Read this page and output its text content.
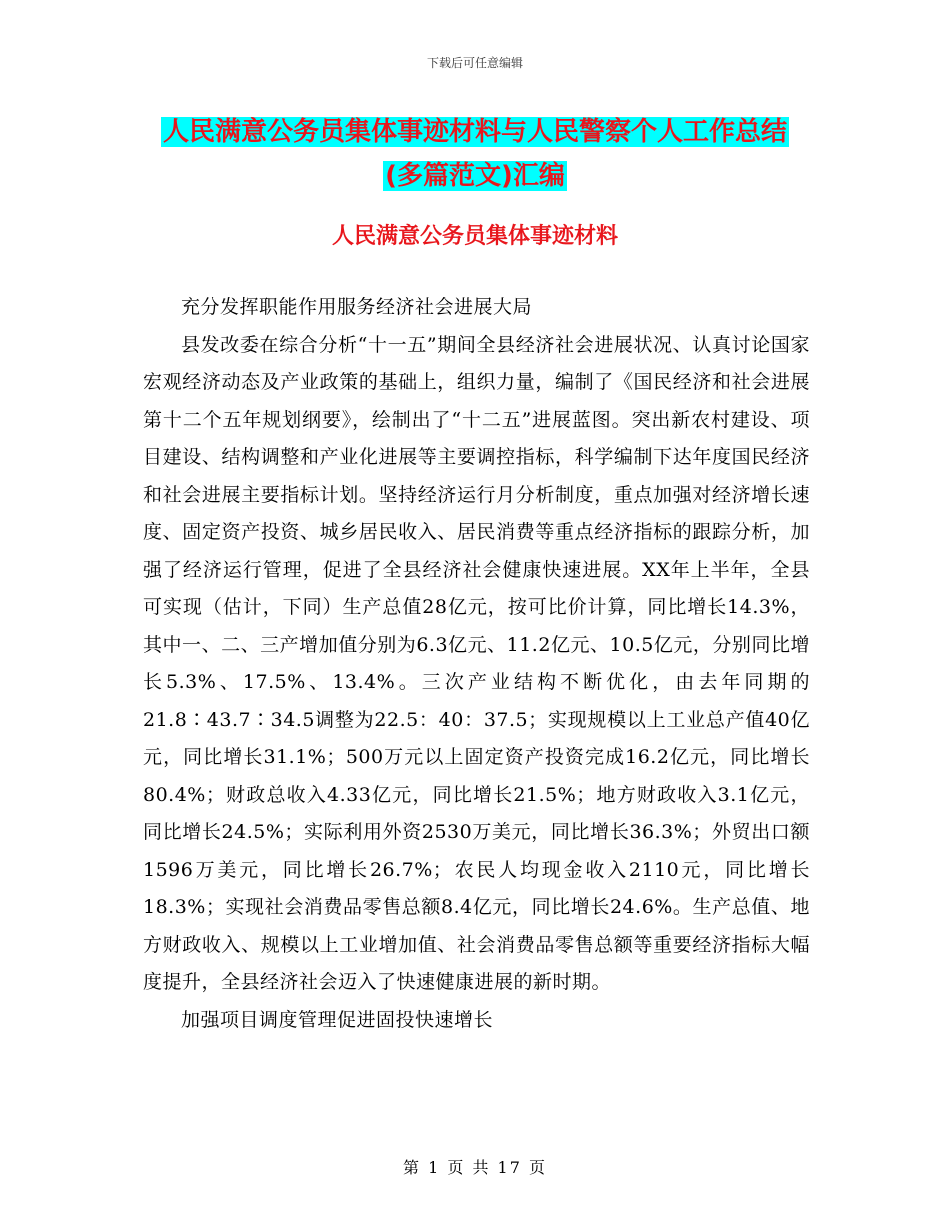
下载后可任意编辑
人民满意公务员集体事迹材料与人民警察个人工作总结(多篇范文)汇编
人民满意公务员集体事迹材料

充分发挥职能作用服务经济社会进展大局

县发改委在综合分析“十一五”期间全县经济社会进展状况、认真讨论国家宏观经济动态及产业政策的基础上，组织力量，编制了《国民经济和社会进展第十二个五年规划纲要》，绘制出了“十二五”进展蓝图。突出新农村建设、项目建设、结构调整和产业化进展等主要调控指标，科学编制下达年度国民经济和社会进展主要指标计划。坚持经济运行月分析制度，重点加强对经济增长速度、固定资产投资、城乡居民收入、居民消费等重点经济指标的跟踪分析，加强了经济运行管理，促进了全县经济社会健康快速进展。XX年上半年，全县可实现（估计，下同）生产总值28亿元，按可比价计算，同比增长14.3%，其中一、二、三产增加值分别为6.3亿元、11.2亿元、10.5亿元，分别同比增长5.3%、17.5%、13.4%。三次产业结构不断优化，由去年同期的21.8∶43.7∶34.5调整为22.5：40：37.5；实现规模以上工业总产值40亿元，同比增长31.1%；500万元以上固定资产投资完成16.2亿元，同比增长80.4%；财政总收入4.33亿元，同比增长21.5%；地方财政收入3.1亿元，同比增长24.5%；实际利用外资2530万美元，同比增长36.3%；外贸出口额1596万美元，同比增长26.7%；农民人均现金收入2110元，同比增长18.3%；实现社会消费品零售总额8.4亿元，同比增长24.6%。生产总值、地方财政收入、规模以上工业增加值、社会消费品零售总额等重要经济指标大幅度提升，全县经济社会迈入了快速健康进展的新时期。

加强项目调度管理促进固投快速增长

第 1 页 共 17 页
